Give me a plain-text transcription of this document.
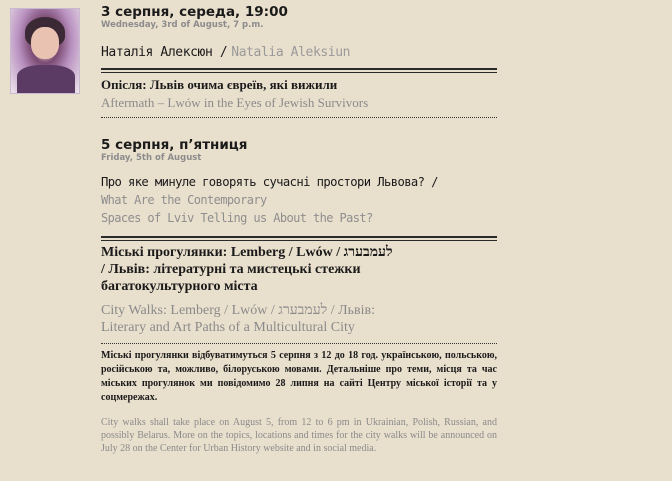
3 серпня, середа, 19:00
Wednesday, 3rd of August, 7 p.m.
Наталія Алексюн / Natalia Aleksiun
Опісля: Львів очима євреїв, які вижили
Aftermath – Lwów in the Eyes of Jewish Survivors
5 серпня, п’ятниця
Friday, 5th of August
Про яке минуле говорять сучасні простори Львова? /
What Are the Contemporary
Spaces of Lviv Telling us About the Past?
Міські прогулянки: Lemberg / Lwów / לעמבערג
/ Львів: літературні та мистецькі стежки
багатокультурного міста
City Walks: Lemberg / Lwów / לעמבערג / Львів:
Literary and Art Paths of a Multicultural City
Міські прогулянки відбуватимуться 5 серпня з 12 до 18 год. українською, польською, російською та, можливо, білоруською мовами. Детальніше про теми, місця та час міських прогулянок ми повідомимо 28 липня на сайті Центру міської історії та у соцмережах.
City walks shall take place on August 5, from 12 to 6 pm in Ukrainian, Polish, Russian, and possibly Belarus. More on the topics, locations and times for the city walks will be announced on July 28 on the Center for Urban History website and in social media.
